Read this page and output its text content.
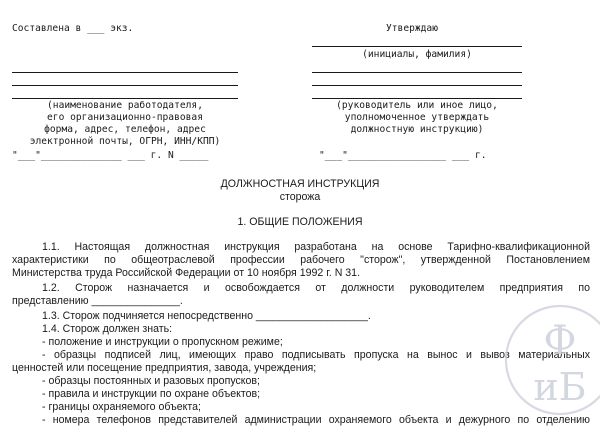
Составлена в ___ экз.	Утверждаю
(инициалы, фамилия)
(наименование работодателя,
его организационно-правовая
форма, адрес, телефон, адрес
электронной почты, ОГРН, ИНН/КПП)
"___"______________ ___ г. N _____
(руководитель или иное лицо,
уполномоченное утверждать
должностную инструкцию)
"___"_________________ ___ г.
ДОЛЖНОСТНАЯ ИНСТРУКЦИЯ
сторожа
1. ОБЩИЕ ПОЛОЖЕНИЯ
1.1. Настоящая должностная инструкция разработана на основе Тарифно-квалификационной
характеристики по общеотраслевой профессии рабочего "сторож", утвержденной Постановлением
Министерства труда Российской Федерации от 10 ноября 1992 г. N 31.
1.2. Сторож назначается и освобождается от должности руководителем предприятия по
представлению _______________.
1.3. Сторож подчиняется непосредственно ___________________.
1.4. Сторож должен знать:
- положение и инструкции о пропускном режиме;
- образцы подписей лиц, имеющих право подписывать пропуска на вынос и вывоз материальных
ценностей или посещение предприятия, завода, учреждения;
- образцы постоянных и разовых пропусков;
- правила и инструкции по охране объектов;
- границы охраняемого объекта;
- номера телефонов представителей администрации охраняемого объекта и дежурного по отделению
Ф
иБ
